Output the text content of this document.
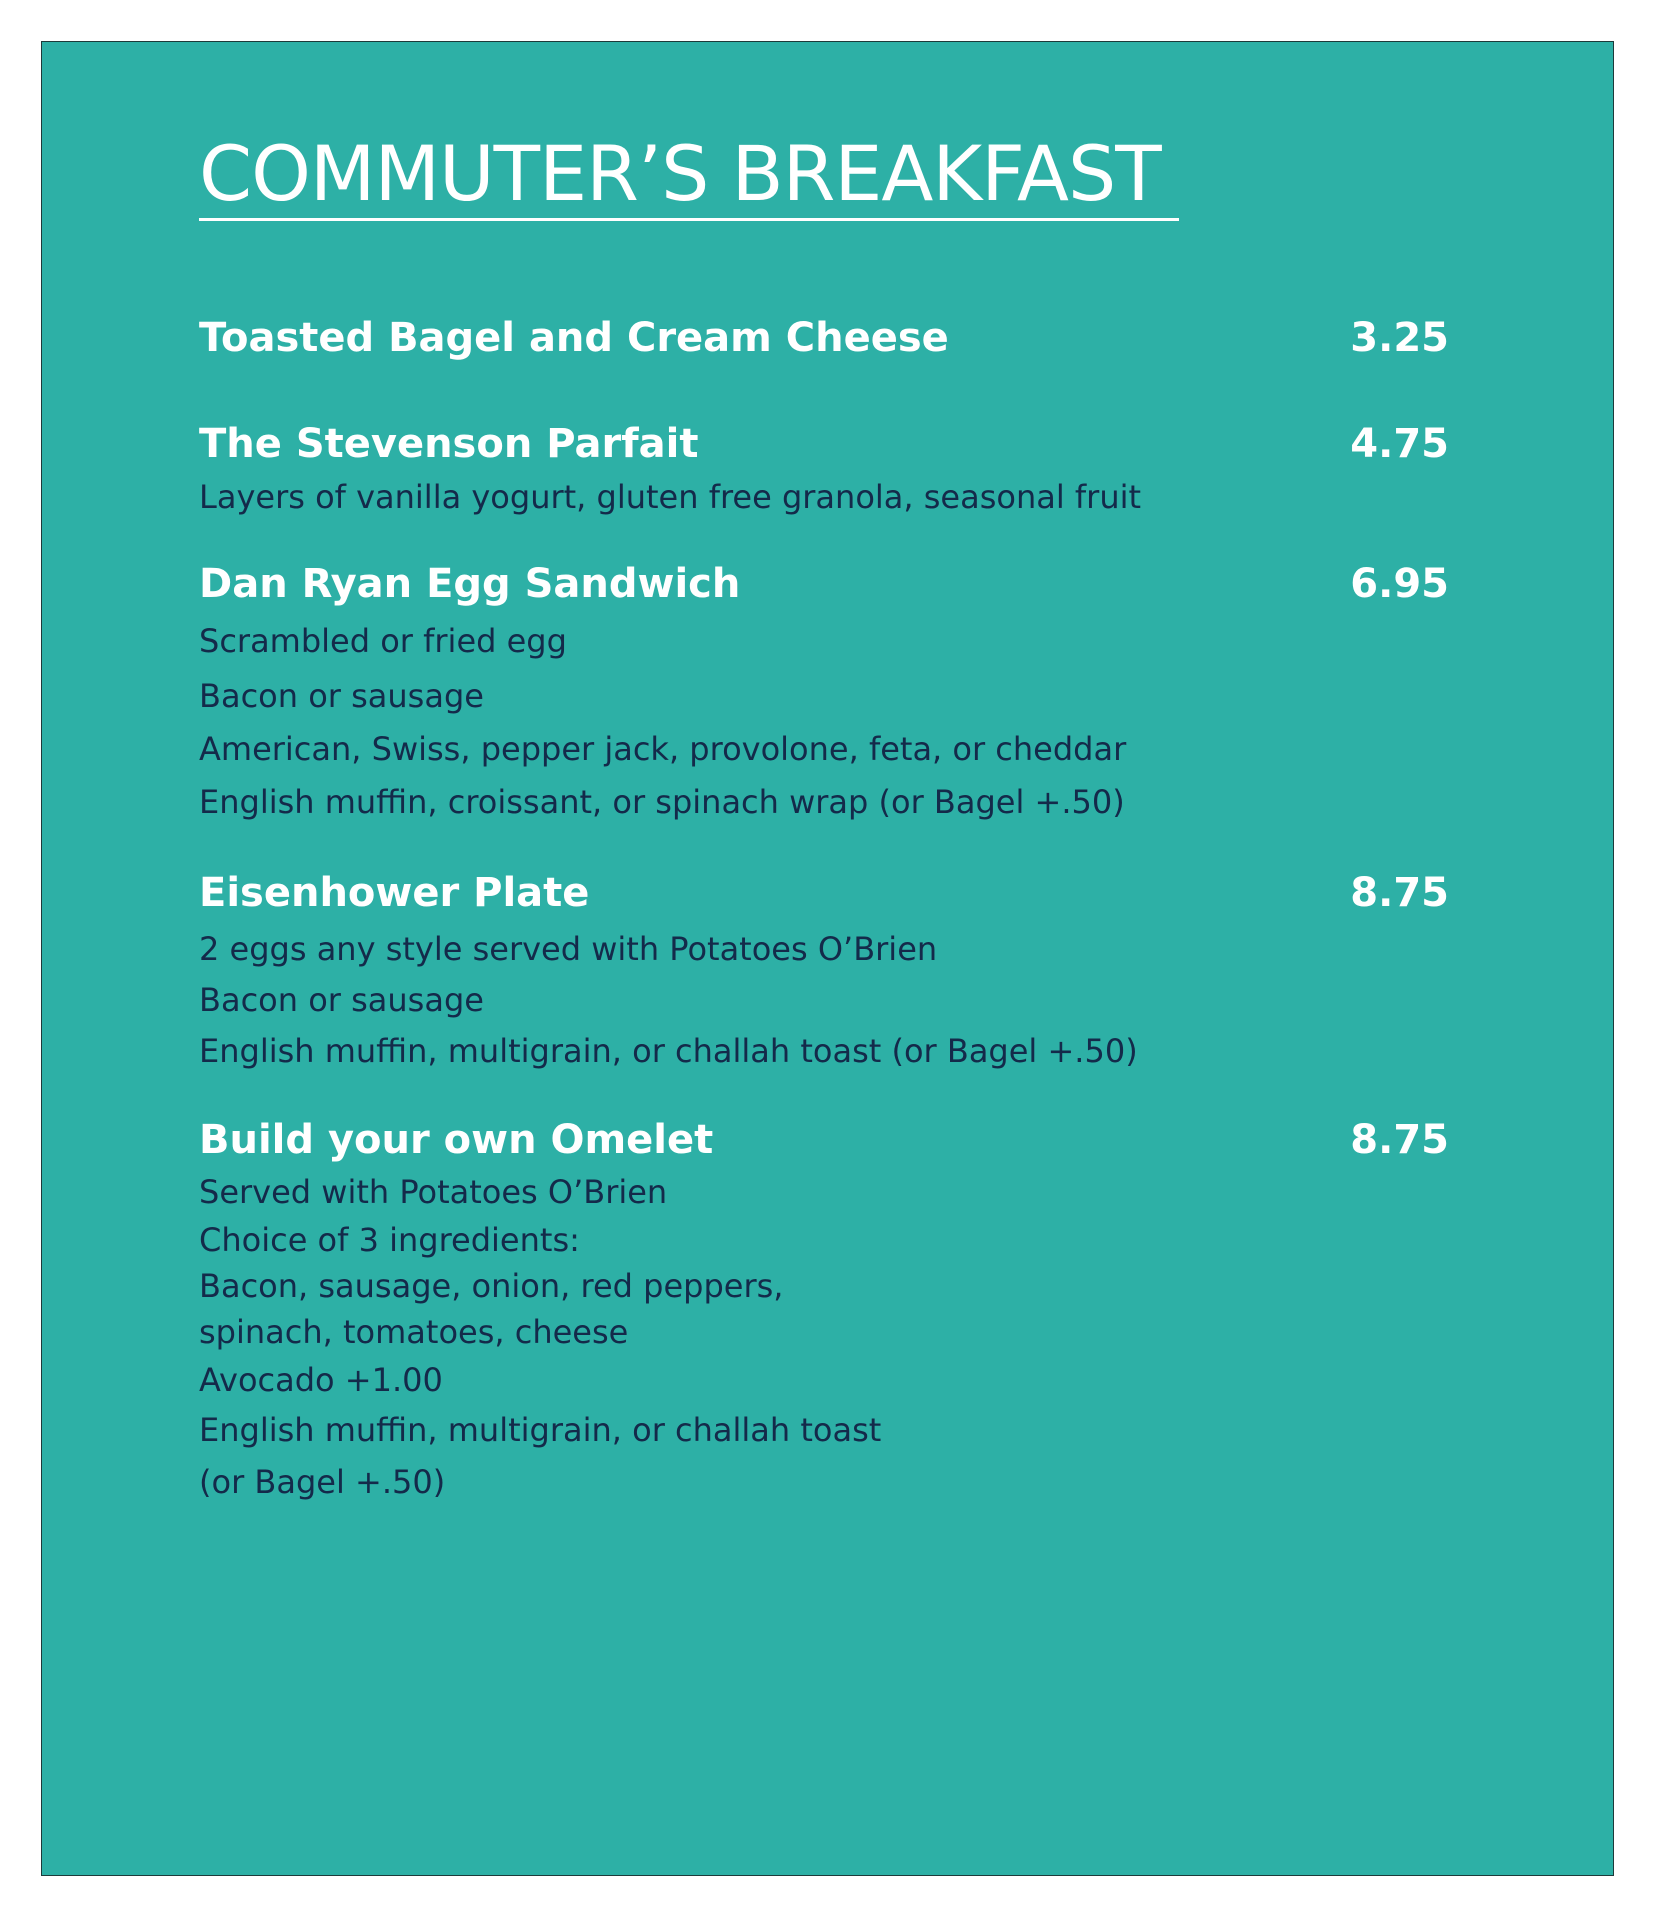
COMMUTER’S BREAKFAST
Toasted Bagel and Cream Cheese	3.25
The Stevenson Parfait	4.75
Layers of vanilla yogurt, gluten free granola, seasonal fruit
Dan Ryan Egg Sandwich	6.95
Scrambled or fried egg
Bacon or sausage
American, Swiss, pepper jack, provolone, feta, or cheddar
English muffin, croissant, or spinach wrap (or Bagel +.50)
Eisenhower Plate	8.75
2 eggs any style served with Potatoes O’Brien
Bacon or sausage
English muffin, multigrain, or challah toast (or Bagel +.50)
Build your own Omelet	8.75
Served with Potatoes O’Brien
Choice of 3 ingredients:
Bacon, sausage, onion, red peppers,
spinach, tomatoes, cheese
Avocado +1.00
English muffin, multigrain, or challah toast
(or Bagel +.50)
